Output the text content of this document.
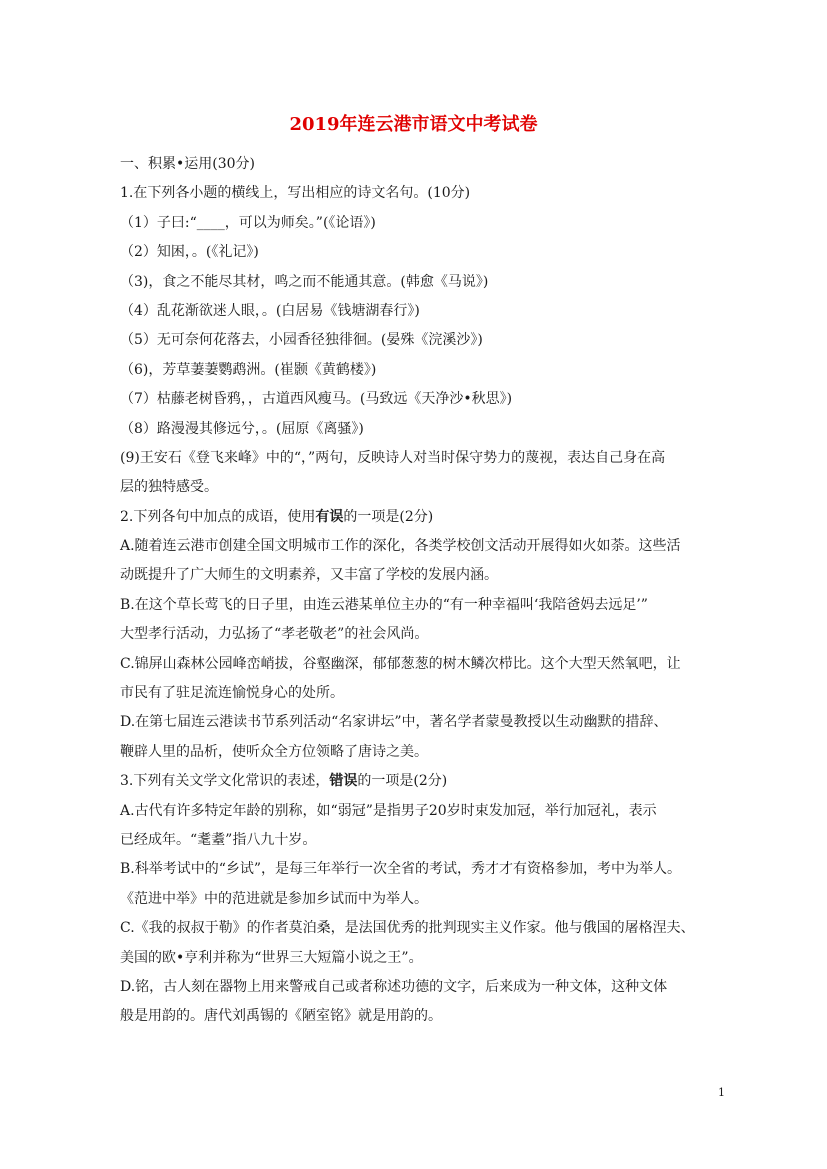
2019年连云港市语文中考试卷
一、积累•运用(30分)
1.在下列各小题的横线上，写出相应的诗文名句。(10分)
（1）子曰:“____，可以为师矣。”(《论语》)
（2）知困，。(《礼记》)
（3)，食之不能尽其材，鸣之而不能通其意。(韩愈《马说》)
（4）乱花渐欲迷人眼，。(白居易《钱塘湖春行》)
（5）无可奈何花落去，小园香径独徘徊。(晏殊《浣溪沙》)
（6)，芳草萋萋鹦鹉洲。(崔颢《黄鹤楼》)
（7）枯藤老树昏鸦，，古道西风瘦马。(马致远《天净沙•秋思》)
（8）路漫漫其修远兮，。(屈原《离骚》)
(9)王安石《登飞来峰》中的“，”两句，反映诗人对当时保守势力的蔑视，表达自己身在高
层的独特感受。
2.下列各句中加点的成语，使用有误的一项是(2分)
A.随着连云港市创建全国文明城市工作的深化，各类学校创文活动开展得如火如荼。这些活
动既提升了广大师生的文明素养，又丰富了学校的发展内涵。
B.在这个草长莺飞的日子里，由连云港某单位主办的“有一种幸福叫‘我陪爸妈去远足’”
大型孝行活动，力弘扬了“孝老敬老”的社会风尚。
C.锦屏山森林公园峰峦峭拔，谷壑幽深，郁郁葱葱的树木鳞次栉比。这个大型天然氧吧，让
市民有了驻足流连愉悦身心的处所。
D.在第七届连云港读书节系列活动“名家讲坛”中，著名学者蒙曼教授以生动幽默的措辞、
鞭辟人里的品析，使听众全方位领略了唐诗之美。
3.下列有关文学文化常识的表述，错误的一项是(2分)
A.古代有许多特定年龄的别称，如“弱冠”是指男子20岁时束发加冠，举行加冠礼，表示
已经成年。“耄耋”指八九十岁。
B.科举考试中的“乡试”，是每三年举行一次全省的考试，秀才才有资格参加，考中为举人。
《范进中举》中的范进就是参加乡试而中为举人。
C.《我的叔叔于勒》的作者莫泊桑，是法国优秀的批判现实主义作家。他与俄国的屠格涅夫、
美国的欧•亨利并称为“世界三大短篇小说之王”。
D.铭，古人刻在器物上用来警戒自己或者称述功德的文字，后来成为一种文体，这种文体
般是用韵的。唐代刘禹锡的《陋室铭》就是用韵的。
1
